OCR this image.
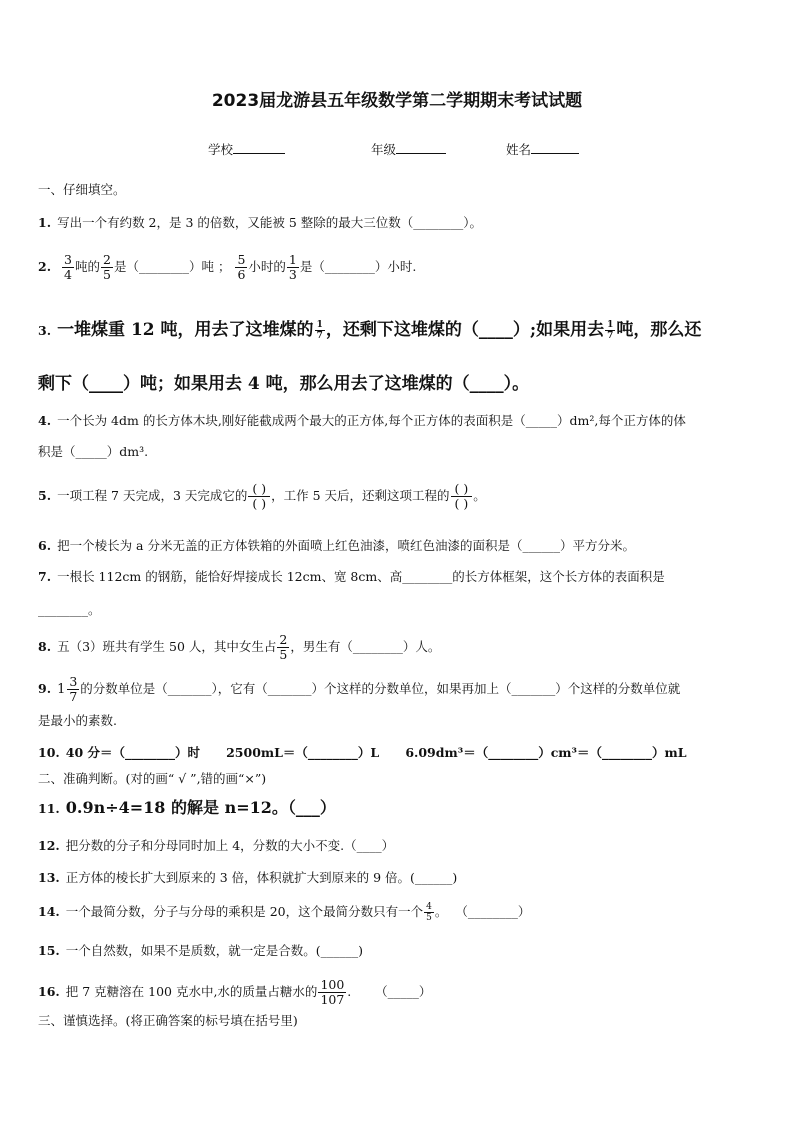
2023届龙游县五年级数学第二学期期末考试试题
学校	年级	姓名
一、仔细填空。
1. 写出一个有约数 2，是 3 的倍数，又能被 5 整除的最大三位数（________）。
2. $\frac{3}{4}$ 吨的 $\frac{2}{5}$ 是（________）吨 ； $\frac{5}{6}$ 小时的 $\frac{1}{3}$ 是（________）小时.
3. 一堆煤重 12 吨，用去了这堆煤的 $\frac{1}{7}$ ，还剩下这堆煤的（____）;如果用去 $\frac{1}{7}$ 吨，那么还
剩下（____）吨；如果用去 4 吨，那么用去了这堆煤的（____）。
4. 一个长为 4dm 的长方体木块,刚好能截成两个最大的正方体,每个正方体的表面积是（_____）dm²,每个正方体的体
积是（_____）dm³.
5. 一项工程 7 天完成，3 天完成它的 $\frac{( )}{( )}$ ，工作 5 天后，还剩这项工程的 $\frac{( )}{( )}$ 。
6. 把一个棱长为 a 分米无盖的正方体铁箱的外面喷上红色油漆，喷红色油漆的面积是（______）平方分米。
7. 一根长 112cm 的钢筋，能恰好焊接成长 12cm、宽 8cm、高________的长方体框架，这个长方体的表面积是
________。
8. 五（3）班共有学生 50 人，其中女生占 $\frac{2}{5}$ ，男生有（________）人。
9. $1 \frac{3}{7}$ 的分数单位是（_______），它有（_______）个这样的分数单位，如果再加上（_______）个这样的分数单位就
是最小的素数.
10. 40 分＝（________）时      2500mL＝（________）L      6.09dm³＝（________）cm³＝（________）mL
二、准确判断。(对的画“ √ ”,错的画“×”)
11. 0.9n÷4=18 的解是 n=12。（___）
12. 把分数的分子和分母同时加上 4，分数的大小不变.（____）
13. 正方体的棱长扩大到原来的 3 倍，体积就扩大到原来的 9 倍。(______)
14. 一个最简分数，分子与分母的乘积是 20，这个最简分数只有一个 $\frac{4}{5}$ 。  （________）
15. 一个自然数，如果不是质数，就一定是合数。(______)
16. 把 7 克糖溶在 100 克水中,水的质量占糖水的 $\frac{100}{107}$ .      （_____）
三、谨慎选择。(将正确答案的标号填在括号里)
